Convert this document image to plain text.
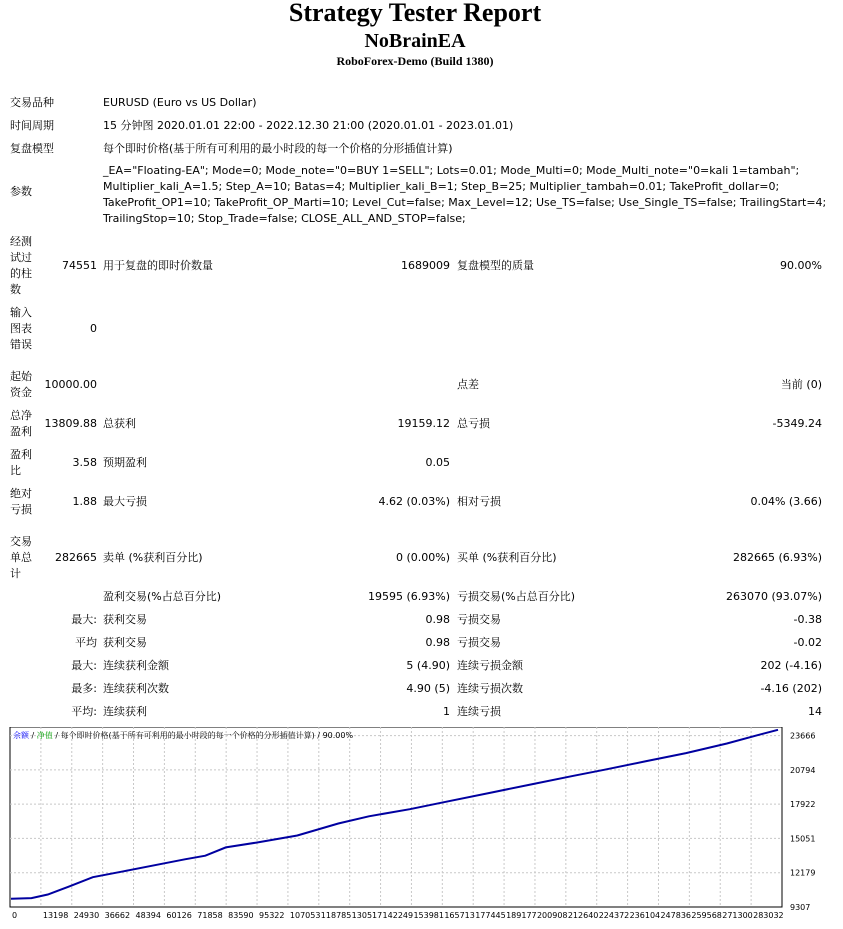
Strategy Tester Report
NoBrainEA
RoboForex-Demo (Build 1380)
交易品种	EURUSD (Euro vs US Dollar)
时间周期	15 分钟图 2020.01.01 22:00 - 2022.12.30 21:00 (2020.01.01 - 2023.01.01)
复盘模型	每个即时价格(基于所有可利用的最小时段的每一个价格的分形插值计算)
参数
_EA="Floating-EA"; Mode=0; Mode_note="0=BUY 1=SELL"; Lots=0.01; Mode_Multi=0; Mode_Multi_note="0=kali 1=tambah";
Multiplier_kali_A=1.5; Step_A=10; Batas=4; Multiplier_kali_B=1; Step_B=25; Multiplier_tambah=0.01; TakeProfit_dollar=0;
TakeProfit_OP1=10; TakeProfit_OP_Marti=10; Level_Cut=false; Max_Level=12; Use_TS=false; Use_Single_TS=false; TrailingStart=4;
TrailingStop=10; Stop_Trade=false; CLOSE_ALL_AND_STOP=false;
经测
试过
的柱
数
74551 用于复盘的即时价数量	1689009 复盘模型的质量	90.00%
输入
图表
错误
0
起始
资金
10000.00	点差	当前 (0)
总净
盈利
13809.88 总获利	19159.12 总亏损	-5349.24
盈利
比
3.58 预期盈利	0.05
绝对
亏损
1.88 最大亏损	4.62 (0.03%) 相对亏损	0.04% (3.66)
交易
单总
计
282665 卖单 (%获利百分比)	0 (0.00%) 买单 (%获利百分比)	282665 (6.93%)
盈利交易(%占总百分比)	19595 (6.93%) 亏损交易(%占总百分比)	263070 (93.07%)
最大: 获利交易	0.98 亏损交易	-0.38
平均 获利交易	0.98 亏损交易	-0.02
最大: 连续获利金额	5 (4.90) 连续亏损金额	202 (-4.16)
最多: 连续获利次数	4.90 (5) 连续亏损次数	-4.16 (202)
平均: 连续获利	1 连续亏损	14
9307
12179
15051
17922
20794
23666
0	13198 24930 36662 48394 60126 71858 83590 95322 107053 118785 130517 142249 153981 165713 177445 189177 200908 212640 224372 236104 247836 259568 271300 283032
余额 / 净值 / 每个即时价格(基于所有可利用的最小时段的每一个价格的分形插值计算) / 90.00%
